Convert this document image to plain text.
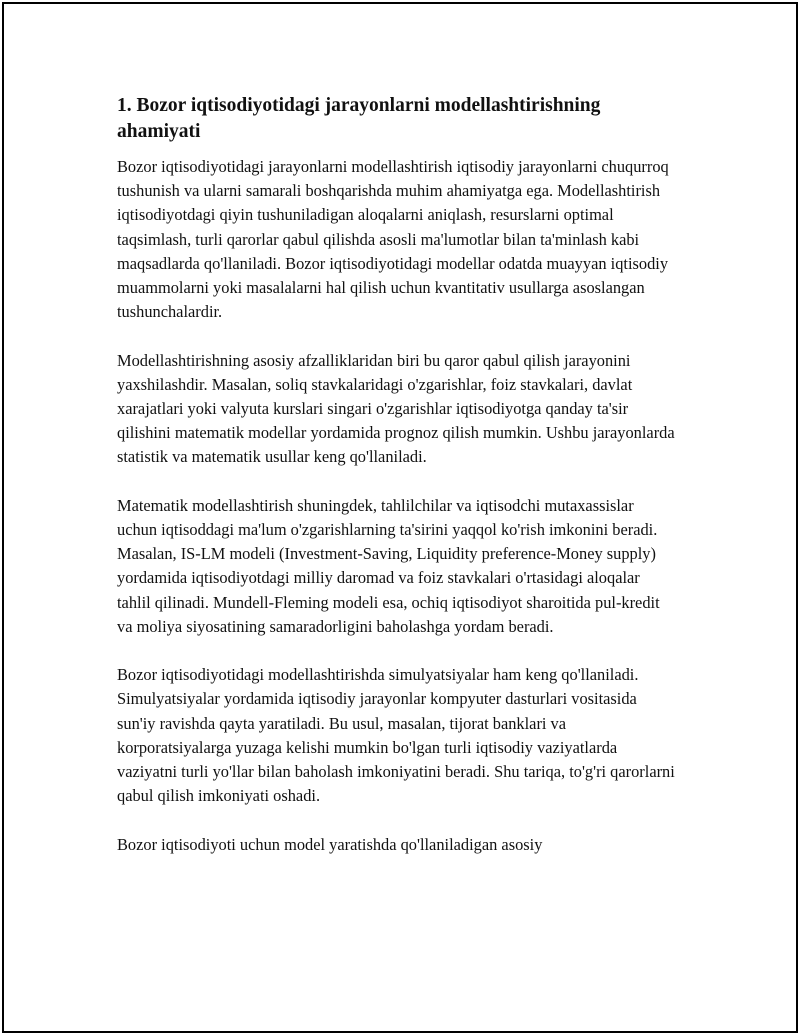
1. Bozor iqtisodiyotidagi jarayonlarni modellashtirishning ahamiyati

Bozor iqtisodiyotidagi jarayonlarni modellashtirish iqtisodiy jarayonlarni chuqurroq tushunish va ularni samarali boshqarishda muhim ahamiyatga ega. Modellashtirish iqtisodiyotdagi qiyin tushuniladigan aloqalarni aniqlash, resurslarni optimal taqsimlash, turli qarorlar qabul qilishda asosli ma'lumotlar bilan ta'minlash kabi maqsadlarda qo'llaniladi. Bozor iqtisodiyotidagi modellar odatda muayyan iqtisodiy muammolarni yoki masalalarni hal qilish uchun kvantitativ usullarga asoslangan tushunchalardir.

Modellashtirishning asosiy afzalliklaridan biri bu qaror qabul qilish jarayonini yaxshilashdir. Masalan, soliq stavkalaridagi o'zgarishlar, foiz stavkalari, davlat xarajatlari yoki valyuta kurslari singari o'zgarishlar iqtisodiyotga qanday ta'sir qilishini matematik modellar yordamida prognoz qilish mumkin. Ushbu jarayonlarda statistik va matematik usullar keng qo'llaniladi.

Matematik modellashtirish shuningdek, tahlilchilar va iqtisodchi mutaxassislar uchun iqtisoddagi ma'lum o'zgarishlarning ta'sirini yaqqol ko'rish imkonini beradi. Masalan, IS-LM modeli (Investment-Saving, Liquidity preference-Money supply) yordamida iqtisodiyotdagi milliy daromad va foiz stavkalari o'rtasidagi aloqalar tahlil qilinadi. Mundell-Fleming modeli esa, ochiq iqtisodiyot sharoitida pul-kredit va moliya siyosatining samaradorligini baholashga yordam beradi.

Bozor iqtisodiyotidagi modellashtirishda simulyatsiyalar ham keng qo'llaniladi. Simulyatsiyalar yordamida iqtisodiy jarayonlar kompyuter dasturlari vositasida sun'iy ravishda qayta yaratiladi. Bu usul, masalan, tijorat banklari va korporatsiyalarga yuzaga kelishi mumkin bo'lgan turli iqtisodiy vaziyatlarda vaziyatni turli yo'llar bilan baholash imkoniyatini beradi. Shu tariqa, to'g'ri qarorlarni qabul qilish imkoniyati oshadi.

Bozor iqtisodiyoti uchun model yaratishda qo'llaniladigan asosiy
